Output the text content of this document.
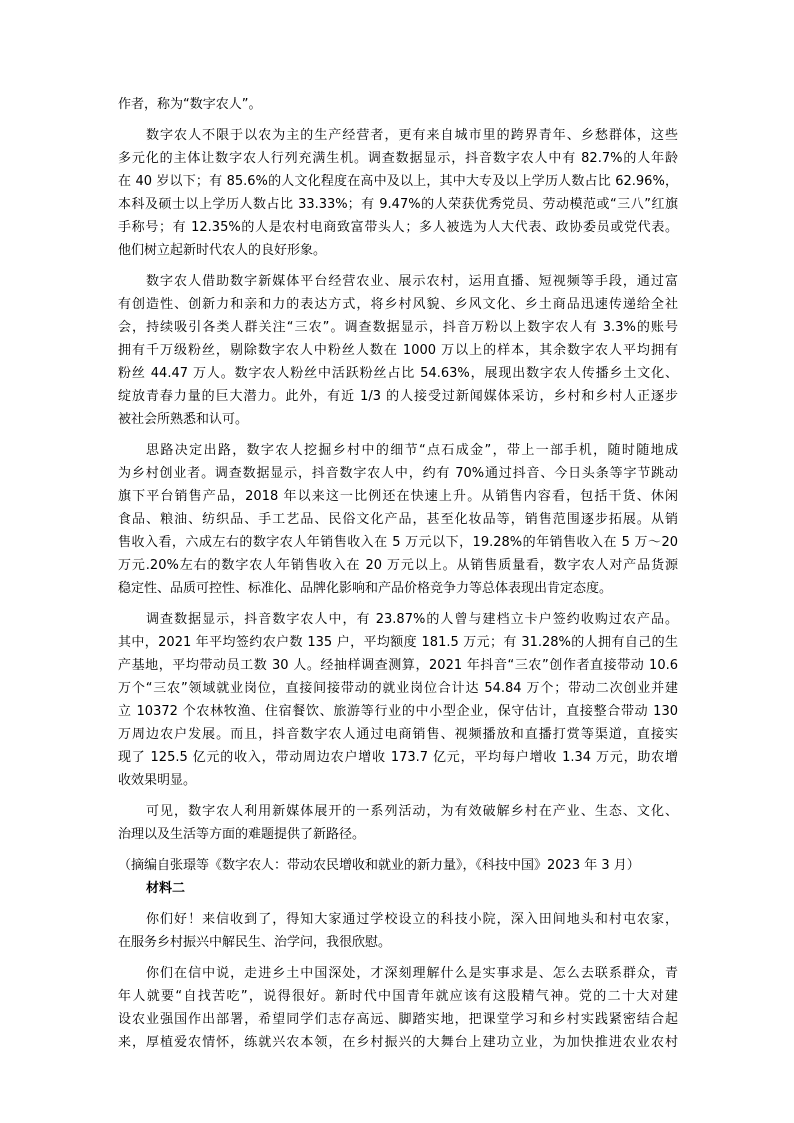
作者，称为“数字农人”。
数字农人不限于以农为主的生产经营者，更有来自城市里的跨界青年、乡愁群体，这些
多元化的主体让数字农人行列充满生机。调查数据显示，抖音数字农人中有 82.7%的人年龄
在 40 岁以下；有 85.6%的人文化程度在高中及以上，其中大专及以上学历人数占比 62.96%，
本科及硕士以上学历人数占比 33.33%；有 9.47%的人荣获优秀党员、劳动模范或“三八”红旗
手称号；有 12.35%的人是农村电商致富带头人；多人被选为人大代表、政协委员或党代表。
他们树立起新时代农人的良好形象。
数字农人借助数字新媒体平台经营农业、展示农村，运用直播、短视频等手段，通过富
有创造性、创新力和亲和力的表达方式，将乡村风貌、乡风文化、乡土商品迅速传递给全社
会，持续吸引各类人群关注“三农”。调查数据显示，抖音万粉以上数字农人有 3.3%的账号
拥有千万级粉丝，剔除数字农人中粉丝人数在 1000 万以上的样本，其余数字农人平均拥有
粉丝 44.47 万人。数字农人粉丝中活跃粉丝占比 54.63%，展现出数字农人传播乡土文化、
绽放青春力量的巨大潜力。此外，有近 1/3 的人接受过新闻媒体采访，乡村和乡村人正逐步
被社会所熟悉和认可。
思路决定出路，数字农人挖掘乡村中的细节“点石成金”，带上一部手机，随时随地成
为乡村创业者。调查数据显示，抖音数字农人中，约有 70%通过抖音、今日头条等字节跳动
旗下平台销售产品，2018 年以来这一比例还在快速上升。从销售内容看，包括干货、休闲
食品、粮油、纺织品、手工艺品、民俗文化产品，甚至化妆品等，销售范围逐步拓展。从销
售收入看，六成左右的数字农人年销售收入在 5 万元以下，19.28%的年销售收入在 5 万～20
万元.20%左右的数字农人年销售收入在 20 万元以上。从销售质量看，数字农人对产品货源
稳定性、品质可控性、标准化、品牌化影响和产品价格竞争力等总体表现出肯定态度。
调查数据显示，抖音数字农人中，有 23.87%的人曾与建档立卡户签约收购过农产品。
其中，2021 年平均签约农户数 135 户，平均额度 181.5 万元；有 31.28%的人拥有自己的生
产基地，平均带动员工数 30 人。经抽样调查测算，2021 年抖音“三农”创作者直接带动 10.6
万个“三农”领域就业岗位，直接间接带动的就业岗位合计达 54.84 万个；带动二次创业并建
立 10372 个农林牧渔、住宿餐饮、旅游等行业的中小型企业，保守估计，直接整合带动 130
万周边农户发展。而且，抖音数字农人通过电商销售、视频播放和直播打赏等渠道，直接实
现了 125.5 亿元的收入，带动周边农户增收 173.7 亿元，平均每户增收 1.34 万元，助农增
收效果明显。
可见，数字农人利用新媒体展开的一系列活动，为有效破解乡村在产业、生态、文化、
治理以及生活等方面的难题提供了新路径。
（摘编自张璟等《数字农人：带动农民增收和就业的新力量》，《科技中国》2023 年 3 月）
材料二
你们好！来信收到了，得知大家通过学校设立的科技小院，深入田间地头和村屯农家，
在服务乡村振兴中解民生、治学问，我很欣慰。
你们在信中说，走进乡土中国深处，才深刻理解什么是实事求是、怎么去联系群众，青
年人就要“自找苦吃”，说得很好。新时代中国青年就应该有这股精气神。党的二十大对建
设农业强国作出部署，希望同学们志存高远、脚踏实地，把课堂学习和乡村实践紧密结合起
来，厚植爱农情怀，练就兴农本领，在乡村振兴的大舞台上建功立业，为加快推进农业农村
